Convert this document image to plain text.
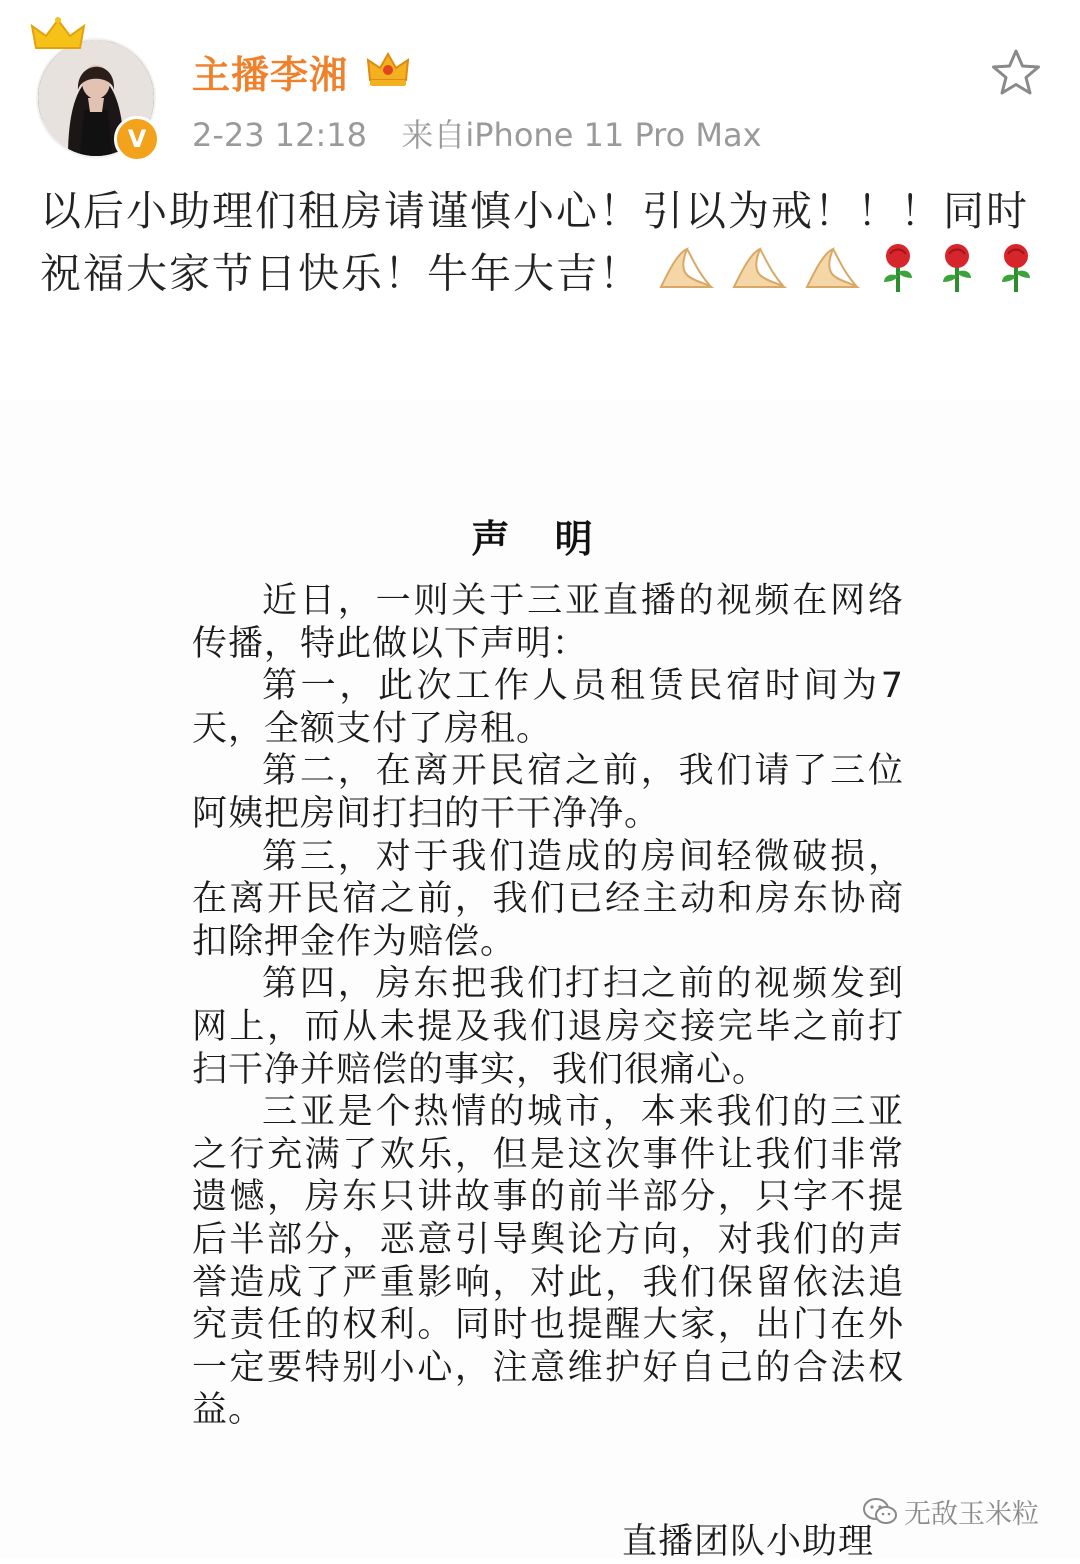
V
主播李湘
2-23 12:18 来自iPhone 11 Pro Max
以后小助理们租房请谨慎小心！引以为戒！！！同时祝福大家节日快乐！牛年大吉！
声 明

近日，一则关于三亚直播的视频在网络传播，特此做以下声明：

第一，此次工作人员租赁民宿时间为7天，全额支付了房租。

第二，在离开民宿之前，我们请了三位阿姨把房间打扫的干干净净。

第三，对于我们造成的房间轻微破损，在离开民宿之前，我们已经主动和房东协商扣除押金作为赔偿。

第四，房东把我们打扫之前的视频发到网上，而从未提及我们退房交接完毕之前打扫干净并赔偿的事实，我们很痛心。

三亚是个热情的城市，本来我们的三亚之行充满了欢乐，但是这次事件让我们非常遗憾，房东只讲故事的前半部分，只字不提后半部分，恶意引导舆论方向，对我们的声誉造成了严重影响，对此，我们保留依法追究责任的权利。同时也提醒大家，出门在外一定要特别小心，注意维护好自己的合法权益。

无敌玉米粒
直播团队小助理
